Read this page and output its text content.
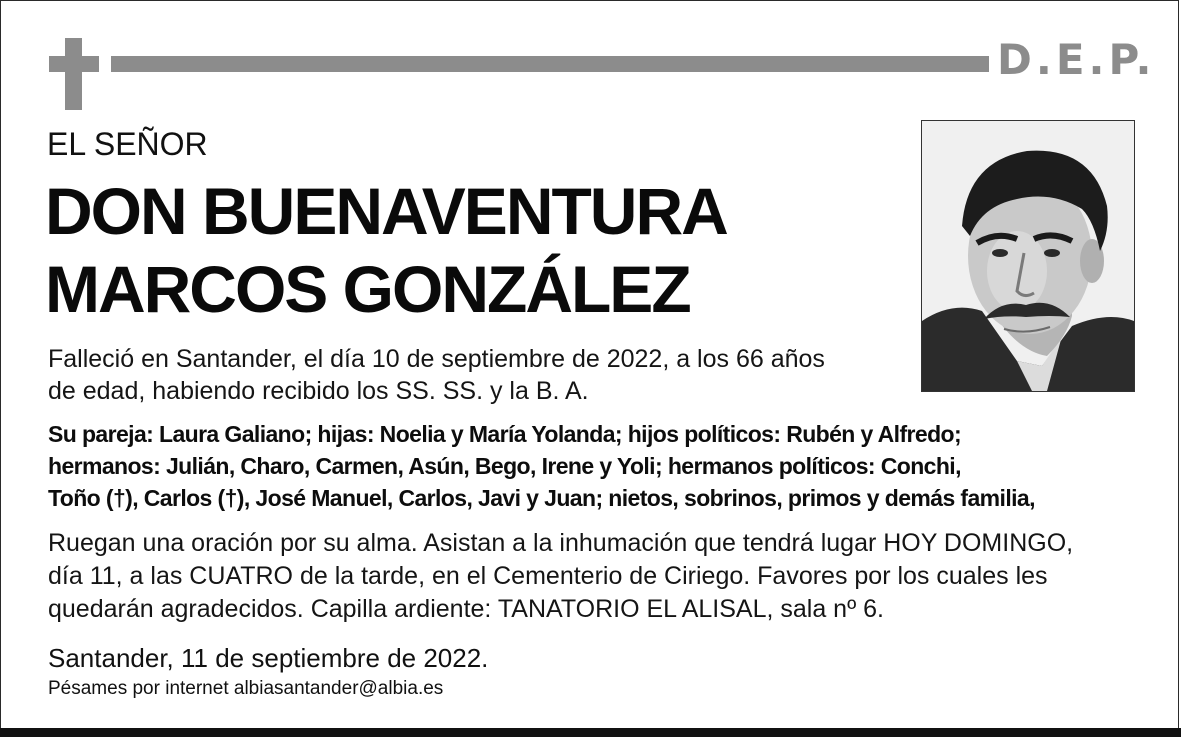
D.E.P.
EL SEÑOR
DON BUENAVENTURA
MARCOS GONZÁLEZ
Falleció en Santander, el día 10 de septiembre de 2022, a los 66 años
de edad, habiendo recibido los SS. SS. y la B. A.
Su pareja: Laura Galiano; hijas: Noelia y María Yolanda; hijos políticos: Rubén y Alfredo;
hermanos: Julián, Charo, Carmen, Asún, Bego, Irene y Yoli; hermanos políticos: Conchi,
Toño (†), Carlos (†), José Manuel, Carlos, Javi y Juan; nietos, sobrinos, primos y demás familia,
Ruegan una oración por su alma. Asistan a la inhumación que tendrá lugar HOY DOMINGO,
día 11, a las CUATRO de la tarde, en el Cementerio de Ciriego. Favores por los cuales les
quedarán agradecidos. Capilla ardiente: TANATORIO EL ALISAL, sala nº 6.
Santander, 11 de septiembre de 2022.
Pésames por internet albiasantander@albia.es
